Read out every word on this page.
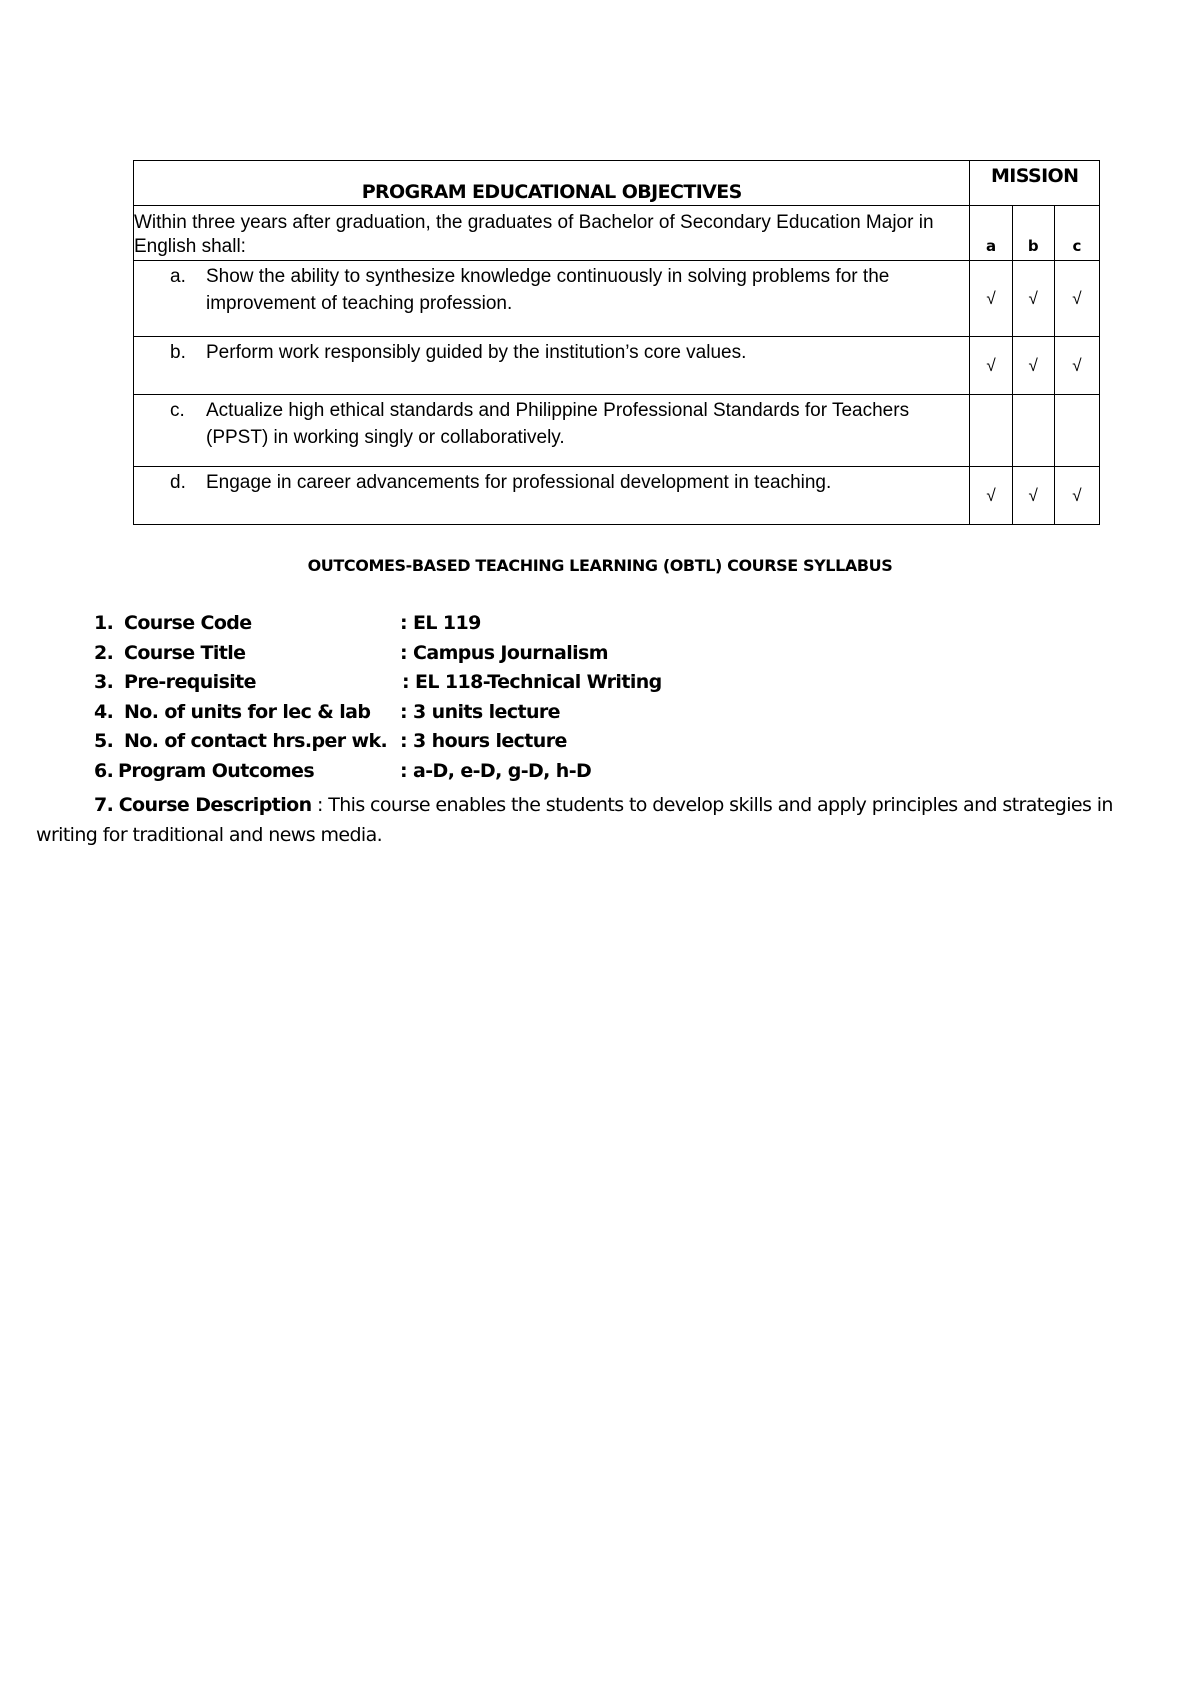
PROGRAM EDUCATIONAL OBJECTIVES	MISSION		
Within three years after graduation, the graduates of Bachelor of Secondary Education Major in English shall:	a	b	c

a. Show the ability to synthesize knowledge continuously in solving problems for the improvement of teaching profession.	√	√	√

b. Perform work responsibly guided by the institution’s core values.	√	√	√

c. Actualize high ethical standards and Philippine Professional Standards for Teachers (PPST) in working singly or collaboratively.			

d. Engage in career advancements for professional development in teaching.	√	√	√
OUTCOMES-BASED TEACHING LEARNING (OBTL) COURSE SYLLABUS
1. Course Code	: EL 119
2. Course Title	: Campus Journalism
3. Pre-requisite	: EL 118-Technical Writing
4. No. of units for lec & lab : 3 units lecture
5. No. of contact hrs.per wk. : 3 hours lecture
6. Program Outcomes	: a-D, e-D, g-D, h-D
7. Course Description : This course enables the students to develop skills and apply principles and strategies in writing for traditional and news media.
